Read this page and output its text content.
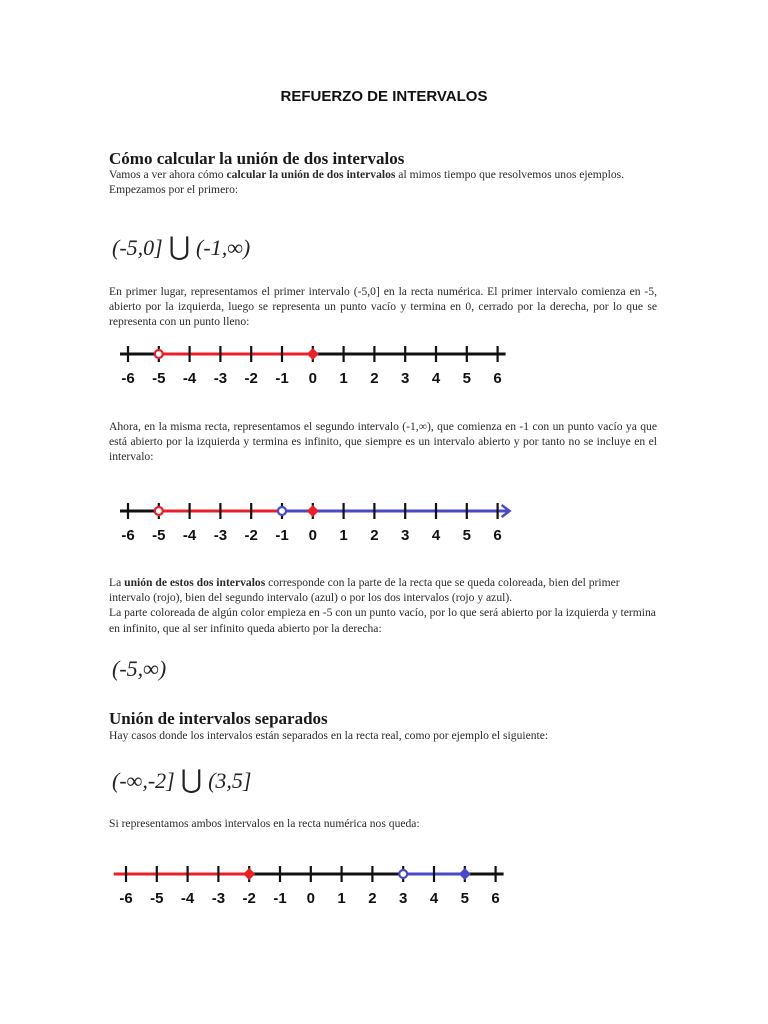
REFUERZO DE INTERVALOS
Cómo calcular la unión de dos intervalos
Vamos a ver ahora cómo calcular la unión de dos intervalos al mimos tiempo que resolvemos unos ejemplos.
Empezamos por el primero:
(-5,0] ⋃ (-1,∞)
En primer lugar, representamos el primer intervalo (-5,0] en la recta numérica. El primer intervalo comienza en -5, abierto por la izquierda, luego se representa un punto vacío y termina en 0, cerrado por la derecha, por lo que se representa con un punto lleno:
-6 -5 -4 -3 -2 -1 0 1 2 3 4 5 6
Ahora, en la misma recta, representamos el segundo intervalo (-1,∞), que comienza en -1 con un punto vacío ya que está abierto por la izquierda y termina es infinito, que siempre es un intervalo abierto y por tanto no se incluye en el intervalo:
-6 -5 -4 -3 -2 -1 0 1 2 3 4 5 6
La unión de estos dos intervalos corresponde con la parte de la recta que se queda coloreada, bien del primer intervalo (rojo), bien del segundo intervalo (azul) o por los dos intervalos (rojo y azul).
La parte coloreada de algún color empieza en -5 con un punto vacío, por lo que será abierto por la izquierda y termina en infinito, que al ser infinito queda abierto por la derecha:
(-5,∞)
Unión de intervalos separados
Hay casos donde los intervalos están separados en la recta real, como por ejemplo el siguiente:
(-∞,-2] ⋃ (3,5]
Si representamos ambos intervalos en la recta numérica nos queda:
-6 -5 -4 -3 -2 -1 0 1 2 3 4 5 6
